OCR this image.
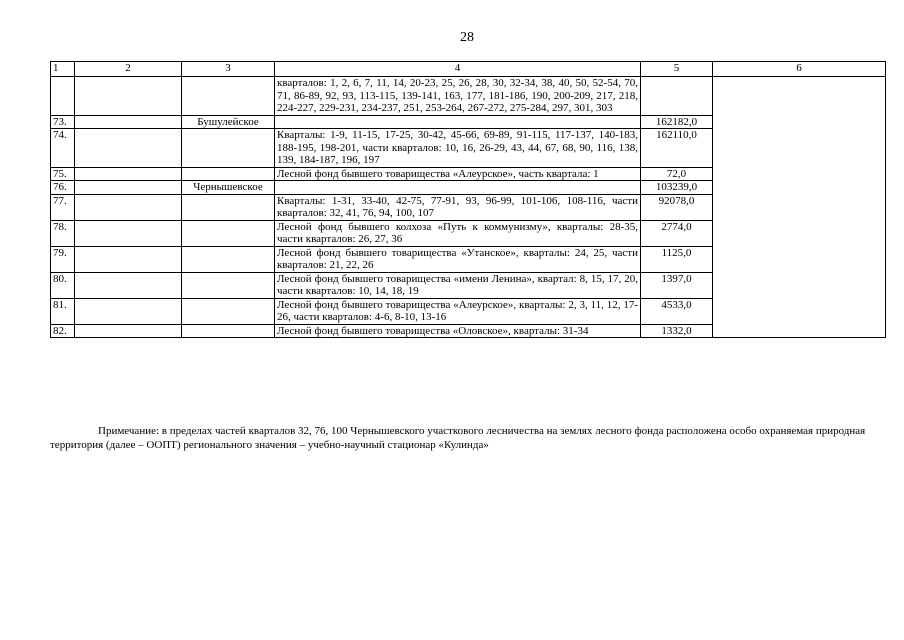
28
1	2	3	4	5	6
			кварталов: 1, 2, 6, 7, 11, 14, 20-23, 25, 26, 28, 30, 32-34, 38, 40, 50, 52-54, 70, 71, 86-89, 92, 93, 113-115, 139-141, 163, 177, 181-186, 190, 200-209, 217, 218, 224-227, 229-231, 234-237, 251, 253-264, 267-272, 275-284, 297, 301, 303		
73.		Бушулейское		162182,0	
74.			Кварталы: 1-9, 11-15, 17-25, 30-42, 45-66, 69-89, 91-115, 117-137, 140-183, 188-195, 198-201, части кварталов: 10, 16, 26-29, 43, 44, 67, 68, 90, 116, 138, 139, 184-187, 196, 197	162110,0	
75.			Лесной фонд бывшего товарищества «Алеурское», часть квартала: 1	72,0	
76.		Чернышевское		103239,0	
77.			Кварталы: 1-31, 33-40, 42-75, 77-91, 93, 96-99, 101-106, 108-116, части кварталов: 32, 41, 76, 94, 100, 107	92078,0	
78.			Лесной фонд бывшего колхоза «Путь к коммунизму», кварталы: 28-35, части кварталов: 26, 27, 36	2774,0	
79.			Лесной фонд бывшего товарищества «Утанское», кварталы: 24, 25, части кварталов: 21, 22, 26	1125,0	
80.			Лесной фонд бывшего товарищества «имени Ленина», квартал: 8, 15, 17, 20, части кварталов: 10, 14, 18, 19	1397,0	
81.			Лесной фонд бывшего товарищества «Алеурское», кварталы: 2, 3, 11, 12, 17-26, части кварталов: 4-6, 8-10, 13-16	4533,0	
82.			Лесной фонд бывшего товарищества «Оловское», кварталы: 31-34	1332,0	
Примечание: в пределах частей кварталов 32, 76, 100 Чернышевского участкового лесничества на землях лесного фонда расположена особо охраняемая природная территория (далее – ООПТ) регионального значения – учебно-научный стационар «Кулинда»
